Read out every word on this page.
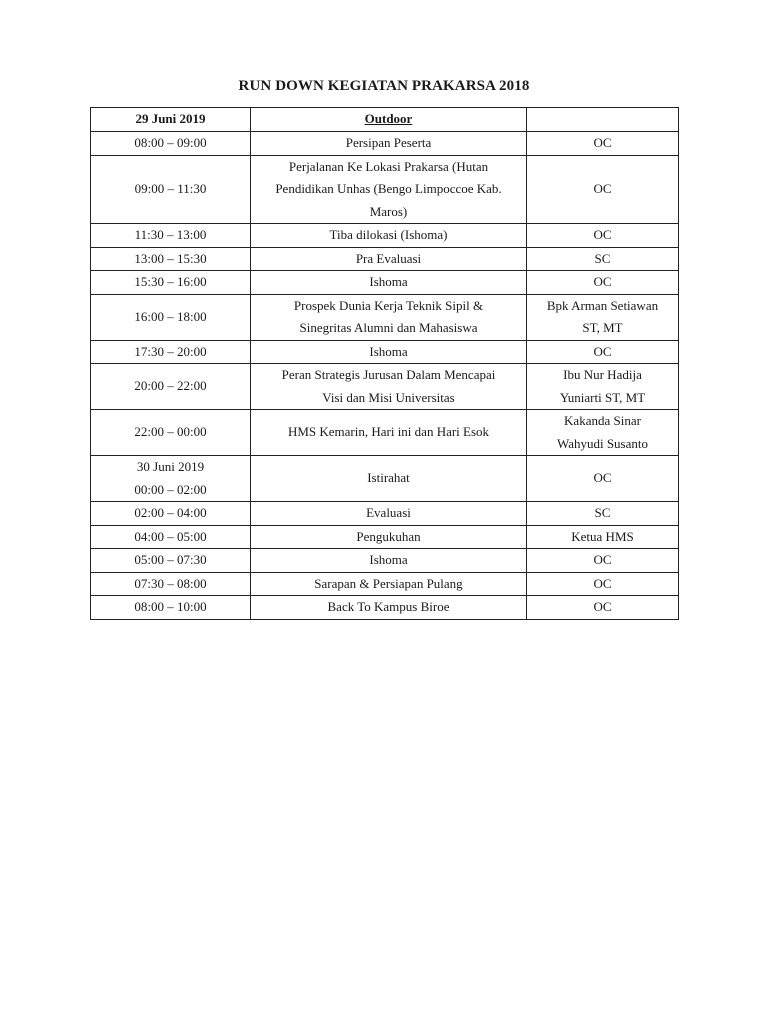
RUN DOWN KEGIATAN PRAKARSA 2018
29 Juni 2019	Outdoor	

08:00 – 09:00	Persipan Peserta	OC

09:00 – 11:30	Perjalanan Ke Lokasi Prakarsa (Hutan
Pendidikan Unhas (Bengo Limpoccoe Kab.
Maros)	OC

11:30 – 13:00	Tiba dilokasi (Ishoma)	OC

13:00 – 15:30	Pra Evaluasi	SC

15:30 – 16:00	Ishoma	OC

16:00 – 18:00	Prospek Dunia Kerja Teknik Sipil &
Sinegritas Alumni dan Mahasiswa	Bpk Arman Setiawan
ST, MT

17:30 – 20:00	Ishoma	OC

20:00 – 22:00	Peran Strategis Jurusan Dalam Mencapai
Visi dan Misi Universitas	Ibu Nur Hadija
Yuniarti ST, MT

22:00 – 00:00	HMS Kemarin, Hari ini dan Hari Esok	Kakanda Sinar
Wahyudi Susanto

30 Juni 2019
00:00 – 02:00	Istirahat	OC

02:00 – 04:00	Evaluasi	SC

04:00 – 05:00	Pengukuhan	Ketua HMS

05:00 – 07:30	Ishoma	OC

07:30 – 08:00	Sarapan & Persiapan Pulang	OC

08:00 – 10:00	Back To Kampus Biroe	OC
